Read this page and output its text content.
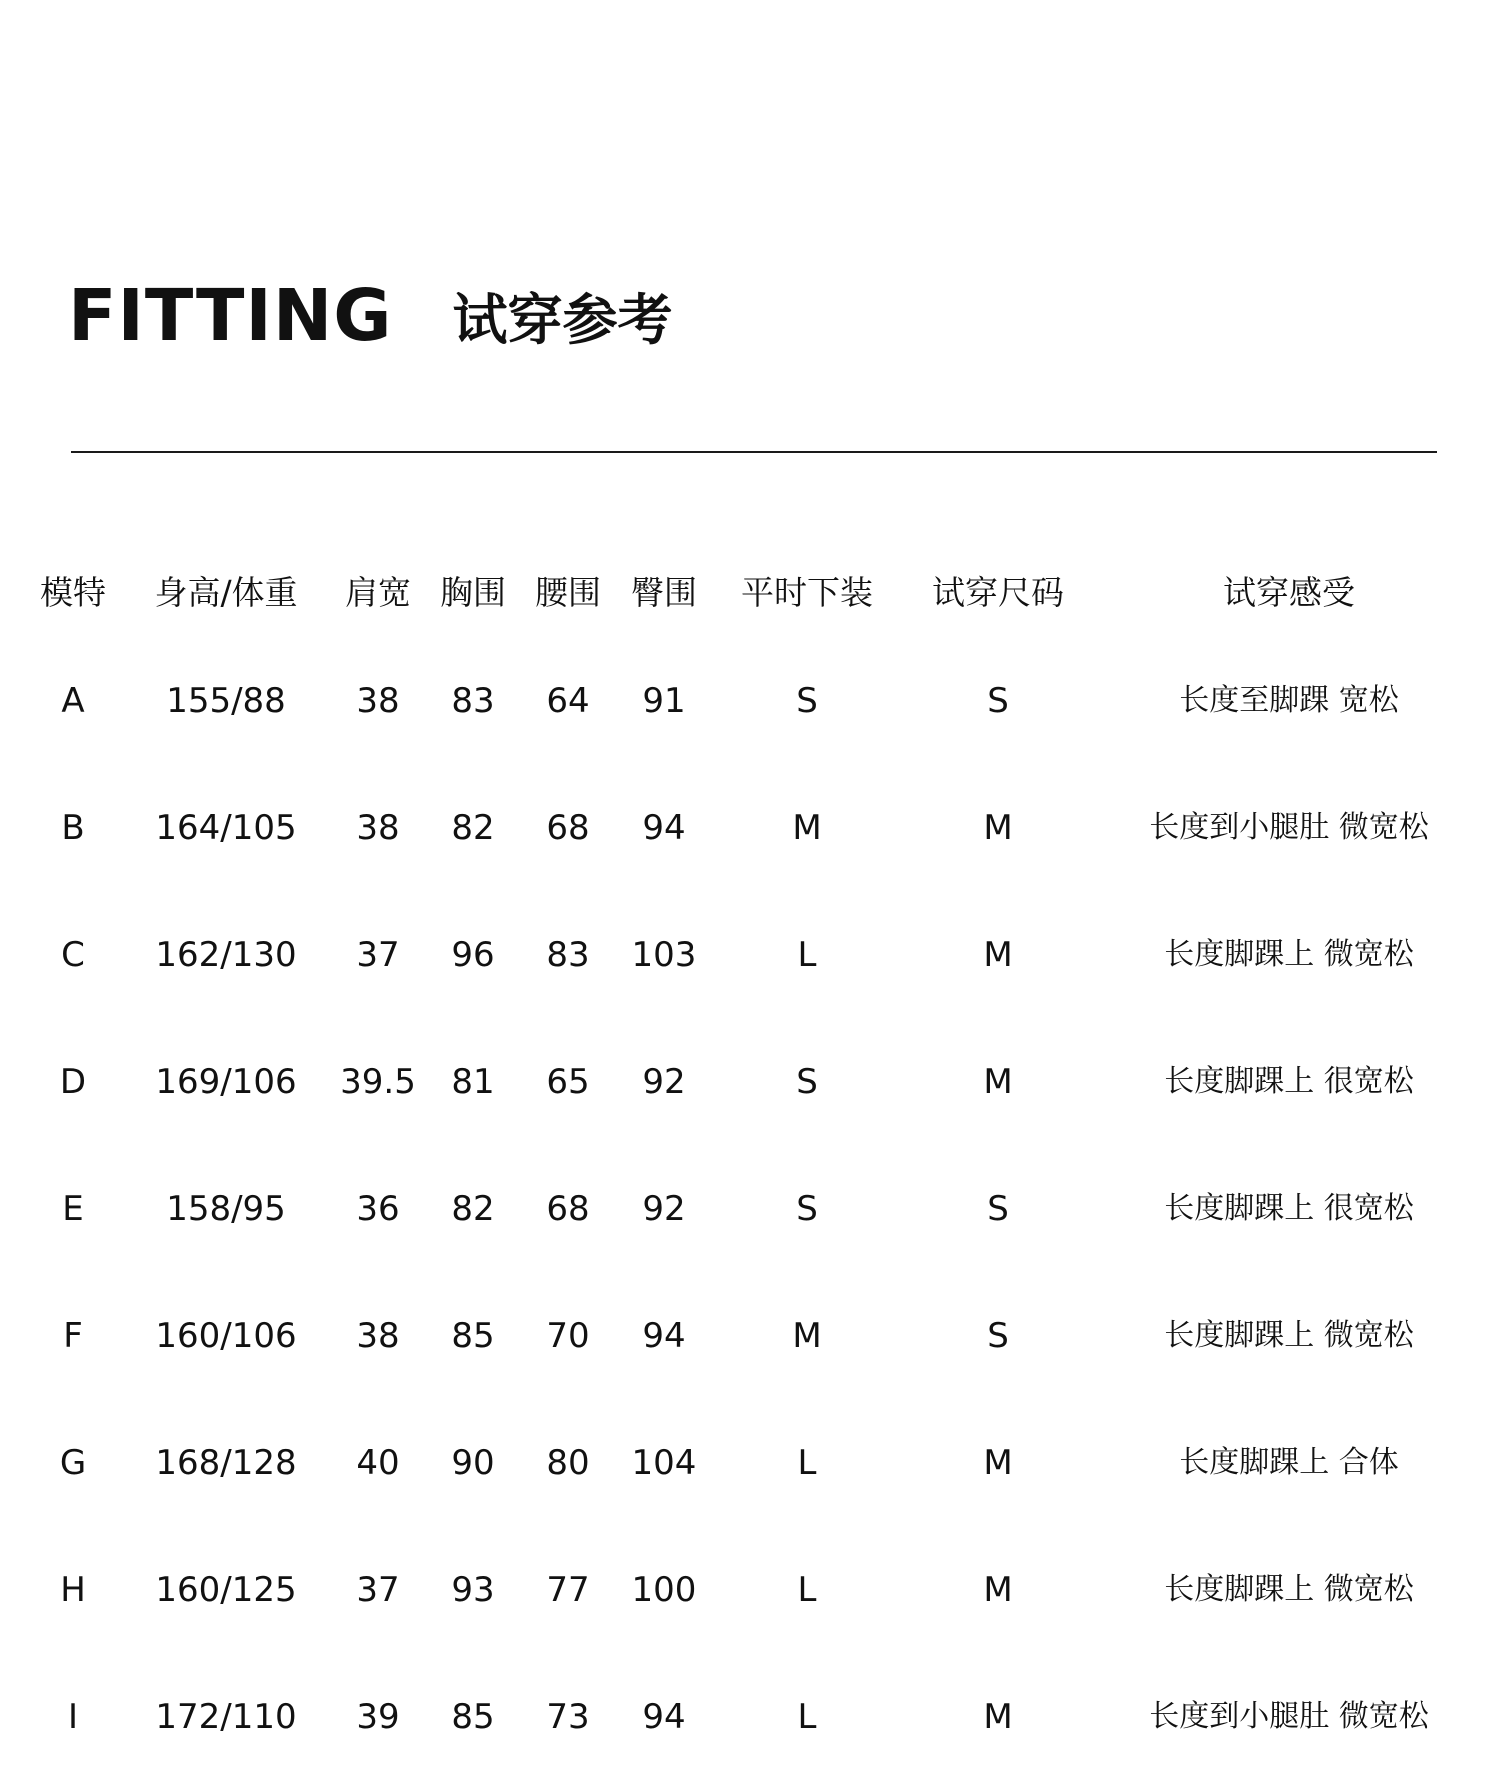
FITTING 试穿参考
模特 身高/体重 肩宽 胸围 腰围 臀围 平时下装 试穿尺码	试穿感受
A 155/88 38 83 64 91	S	S	长度至脚踝 宽松
B 164/105 38 82 68 94	M	M	长度到小腿肚 微宽松
C 162/130 37 96 83 103	L	M	长度脚踝上 微宽松
D 169/106 39.5 81 65 92	S	M	长度脚踝上 很宽松
E 158/95 36 82 68 92	S	S	长度脚踝上 很宽松
F 160/106 38 85 70 94	M	S	长度脚踝上 微宽松
G 168/128 40 90 80 104	L	M	长度脚踝上 合体
H 160/125 37 93 77 100	L	M	长度脚踝上 微宽松
I 172/110 39 85 73 94	L	M	长度到小腿肚 微宽松
